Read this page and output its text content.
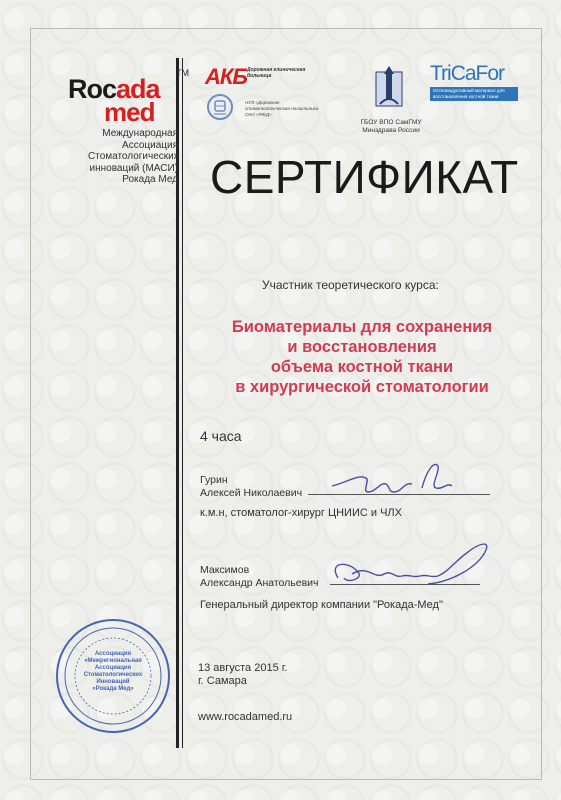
Rocada
TM
med
Международная
Ассоциация
Стоматологических
инноваций (МАСИ)
Рокада Мед
АКБ Дорожная клиническая больница
НУЗ «Дорожная стоматологическая поликлиника ОАО «РЖД»
ГБОУ ВПО СамГМУ
Минздрава России
TriCaFor
Остеоиндуктивный материал для восстановления костной ткани
СЕРТИФИКАТ
Участник теоретического курса:
Биоматериалы для сохранения
и восстановления
объема костной ткани
в хирургической стоматологии
4 часа
Гурин
Алексей Николаевич
к.м.н, стоматолог-хирург ЦНИИС и ЧЛХ
Максимов
Александр Анатольевич
Генеральный директор компании "Рокада-Мед"
Ассоциация
«Межрегиональная
Ассоциация
Стоматологических
Инноваций
«Рокада Мед»
13 августа 2015 г.
г. Самара
www.rocadamed.ru
